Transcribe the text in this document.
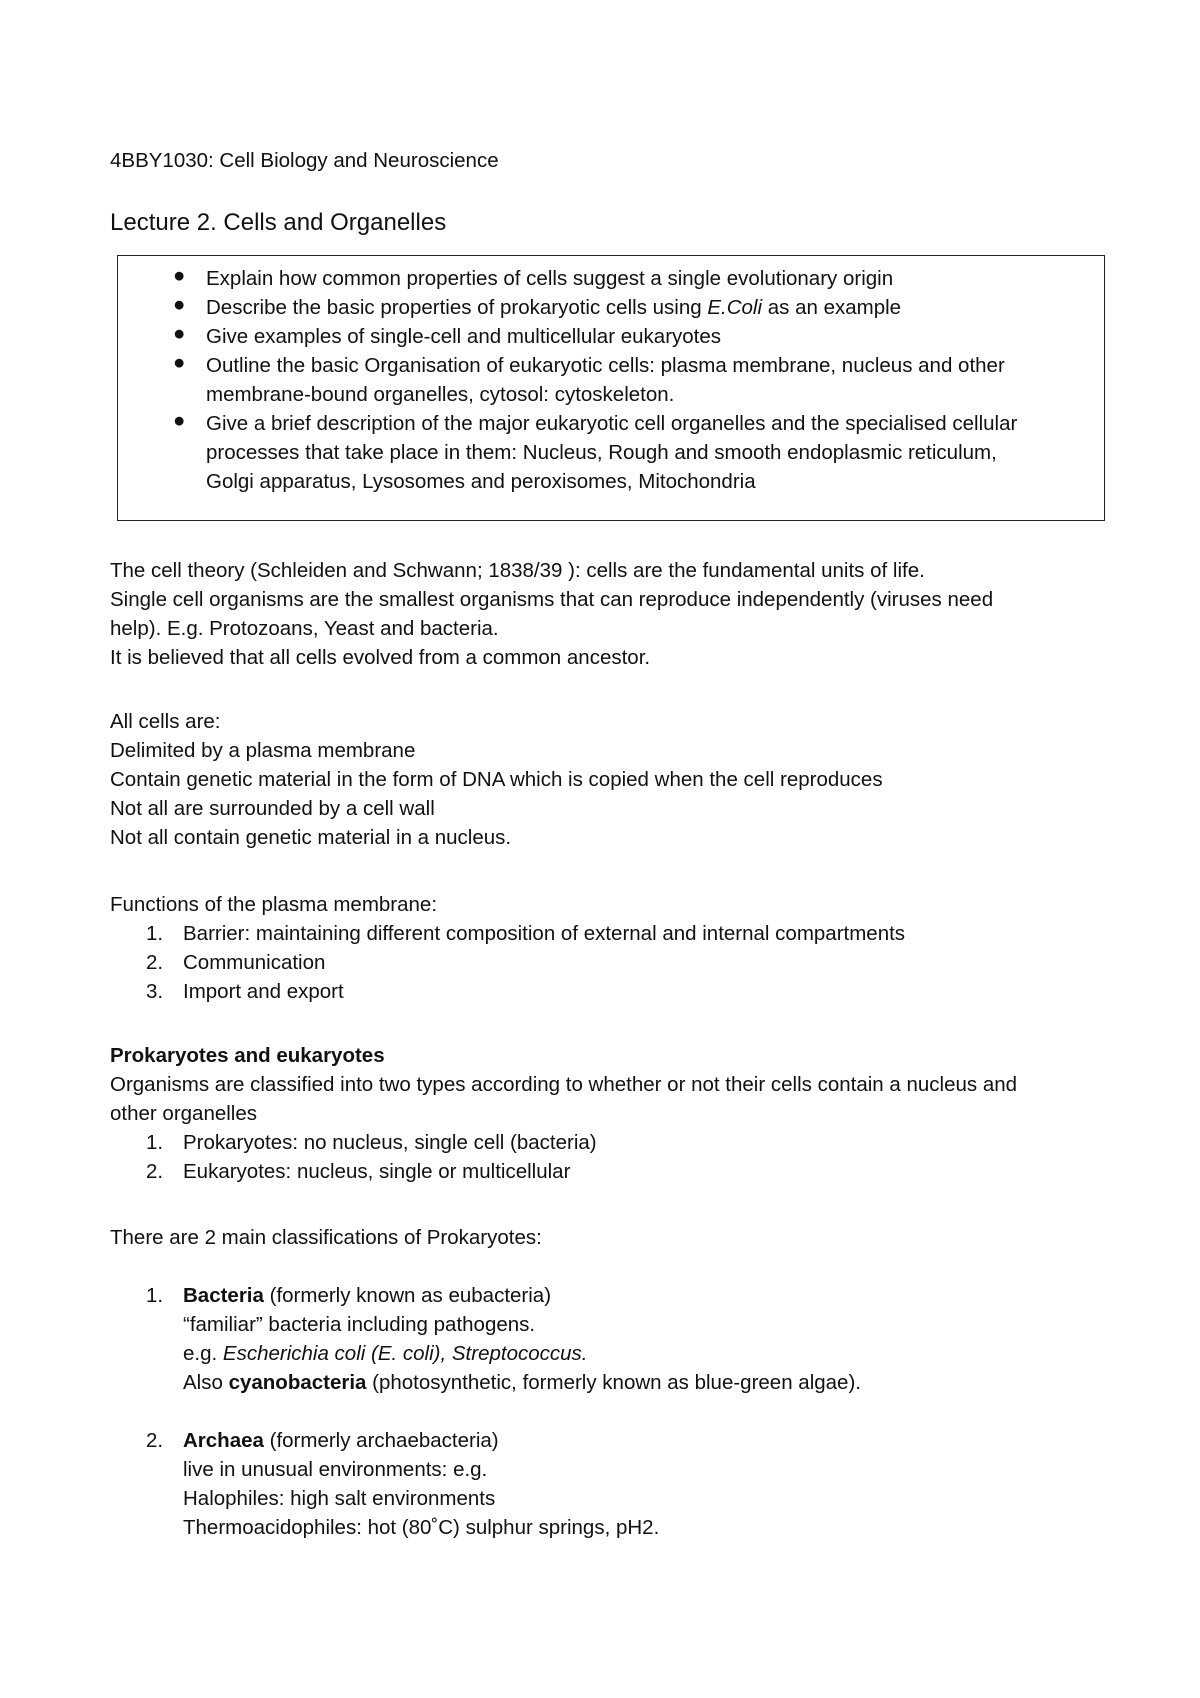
4BBY1030: Cell Biology and Neuroscience
Lecture 2. Cells and Organelles
● Explain how common properties of cells suggest a single evolutionary origin
● Describe the basic properties of prokaryotic cells using E.Coli as an example
● Give examples of single-cell and multicellular eukaryotes
● Outline the basic Organisation of eukaryotic cells: plasma membrane, nucleus and other
membrane-bound organelles, cytosol: cytoskeleton.
● Give a brief description of the major eukaryotic cell organelles and the specialised cellular
processes that take place in them: Nucleus, Rough and smooth endoplasmic reticulum,
Golgi apparatus, Lysosomes and peroxisomes, Mitochondria
The cell theory (Schleiden and Schwann; 1838/39 ): cells are the fundamental units of life.
Single cell organisms are the smallest organisms that can reproduce independently (viruses need
help). E.g. Protozoans, Yeast and bacteria.
It is believed that all cells evolved from a common ancestor.
All cells are:
Delimited by a plasma membrane
Contain genetic material in the form of DNA which is copied when the cell reproduces
Not all are surrounded by a cell wall
Not all contain genetic material in a nucleus.
Functions of the plasma membrane:
1. Barrier: maintaining different composition of external and internal compartments
2. Communication
3. Import and export
Prokaryotes and eukaryotes
Organisms are classified into two types according to whether or not their cells contain a nucleus and
other organelles
1. Prokaryotes: no nucleus, single cell (bacteria)
2. Eukaryotes: nucleus, single or multicellular
There are 2 main classifications of Prokaryotes:
1. Bacteria (formerly known as eubacteria)
“familiar” bacteria including pathogens.
e.g. Escherichia coli (E. coli), Streptococcus.
Also cyanobacteria (photosynthetic, formerly known as blue-green algae).
2. Archaea (formerly archaebacteria)
live in unusual environments: e.g.
Halophiles: high salt environments
Thermoacidophiles: hot (80˚C) sulphur springs, pH2.
